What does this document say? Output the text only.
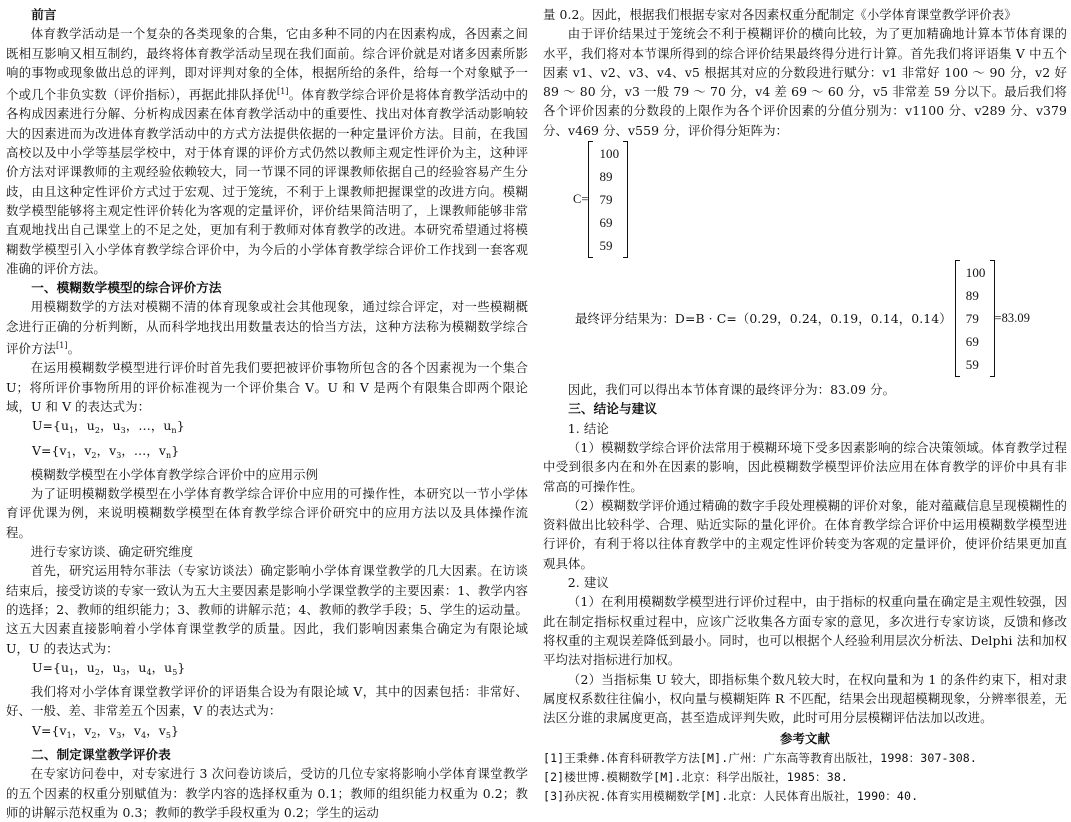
前言

体育教学活动是一个复杂的各类现象的合集，它由多种不同的内在因素构成，各因素之间既相互影响又相互制约，最终将体育教学活动呈现在我们面前。综合评价就是对诸多因素所影响的事物或现象做出总的评判，即对评判对象的全体，根据所给的条件，给每一个对象赋予一个或几个非负实数（评价指标），再据此排队择优[1]。体育教学综合评价是将体育教学活动中的各构成因素进行分解、分析构成因素在体育教学活动中的重要性、找出对体育教学活动影响较大的因素进而为改进体育教学活动中的方式方法提供依据的一种定量评价方法。目前，在我国高校以及中小学等基层学校中，对于体育课的评价方式仍然以教师主观定性评价为主，这种评价方法对评课教师的主观经验依赖较大，同一节课不同的评课教师依据自己的经验容易产生分歧，由且这种定性评价方式过于宏观、过于笼统，不利于上课教师把握课堂的改进方向。模糊数学模型能够将主观定性评价转化为客观的定量评价，评价结果简洁明了，上课教师能够非常直观地找出自己课堂上的不足之处，更加有利于教师对体育教学的改进。本研究希望通过将模糊数学模型引入小学体育教学综合评价中，为今后的小学体育教学综合评价工作找到一套客观准确的评价方法。

一、模糊数学模型的综合评价方法

用模糊数学的方法对模糊不清的体育现象或社会其他现象，通过综合评定，对一些模糊概念进行正确的分析判断，从而科学地找出用数量表达的恰当方法，这种方法称为模糊数学综合评价方法[1]。

在运用模糊数学模型进行评价时首先我们要把被评价事物所包含的各个因素视为一个集合 U；将所评价事物所用的评价标准视为一个评价集合 V。U 和 V 是两个有限集合即两个限论域，U 和 V 的表达式为：

$U=\{u_1$，$u_2$，$u_3$，…，$u_n$}

$V=\{v_1$，$v_2$，$v_3$，…，$v_n$}

模糊数学模型在小学体育教学综合评价中的应用示例

为了证明模糊数学模型在小学体育教学综合评价中应用的可操作性，本研究以一节小学体育评优课为例，来说明模糊数学模型在体育教学综合评价研究中的应用方法以及具体操作流程。

进行专家访谈、确定研究维度

首先，研究运用特尔菲法（专家访谈法）确定影响小学体育课堂教学的几大因素。在访谈结束后，接受访谈的专家一致认为五大主要因素是影响小学课堂教学的主要因素：1、教学内容的选择；2、教师的组织能力；3、教师的讲解示范；4、教师的教学手段；5、学生的运动量。这五大因素直接影响着小学体育课堂教学的质量。因此，我们影响因素集合确定为有限论域 U，U 的表达式为：

$U=\{u_1$，$u_2$，$u_3$，$u_4$，$u_5$}

我们将对小学体育课堂教学评价的评语集合设为有限论域 V，其中的因素包括：非常好、好、一般、差、非常差五个因素，V 的表达式为：

$V=\{v_1$，$v_2$，$v_3$，$v_4$，$v_5$}

二、制定课堂教学评价表

在专家访问卷中，对专家进行 3 次问卷访谈后，受访的几位专家将影响小学体育课堂教学的五个因素的权重分别赋值为：教学内容的选择权重为 0.1；教师的组织能力权重为 0.2；教师的讲解示范权重为 0.3；教师的教学手段权重为 0.2；学生的运动

量 0.2。因此，根据我们根据专家对各因素权重分配制定《小学体育课堂教学评价表》

由于评价结果过于笼统会不利于模糊评价的横向比较，为了更加精确地计算本节体育课的水平，我们将对本节课所得到的综合评价结果最终得分进行计算。首先我们将评语集 V 中五个因素 v1、v2、v3、v4、v5 根据其对应的分数段进行赋分：v1 非常好 100 ～ 90 分，v2 好 89 ～ 80 分，v3 一般 79 ～ 70 分，v4 差 69 ～ 60 分，v5 非常差 59 分以下。最后我们将各个评价因素的分数段的上限作为各个评价因素的分值分别为：v1100 分、v289 分、v379 分、v469 分、v559 分，评价得分矩阵为：

C=
100
89
79
69
59
最终评分结果为：D=B · C=（0.29，0.24，0.19，0.14，0.14）
100
89
79
69
59
=83.09

因此，我们可以得出本节体育课的最终评分为：83.09 分。

三、结论与建议

1. 结论

（1）模糊数学综合评价法常用于模糊环境下受多因素影响的综合决策领域。体育教学过程中受到很多内在和外在因素的影响，因此模糊数学模型评价法应用在体育教学的评价中具有非常高的可操作性。

（2）模糊数学评价通过精确的数字手段处理模糊的评价对象，能对蕴藏信息呈现模糊性的资料做出比较科学、合理、贴近实际的量化评价。在体育教学综合评价中运用模糊数学模型进行评价，有利于将以往体育教学中的主观定性评价转变为客观的定量评价，使评价结果更加直观具体。

2. 建议

（1）在利用模糊数学模型进行评价过程中，由于指标的权重向量在确定是主观性较强，因此在制定指标权重过程中，应该广泛收集各方面专家的意见，多次进行专家访谈，反馈和修改将权重的主观误差降低到最小。同时，也可以根据个人经验利用层次分析法、Delphi 法和加权平均法对指标进行加权。

（2）当指标集 U 较大，即指标集个数凡较大时，在权向量和为 1 的条件约束下，相对隶属度权系数往往偏小，权向量与模糊矩阵 R 不匹配，结果会出现超模糊现象，分辨率很差，无法区分谁的隶属度更高，甚至造成评判失败，此时可用分层模糊评估法加以改进。

参考文献

[1]王秉彝.体育科研教学方法[M].广州：广东高等教育出版社，1998：307-308.

[2]楼世博.模糊数学[M].北京：科学出版社，1985：38.

[3]孙庆祝.体育实用模糊数学[M].北京：人民体育出版社，1990：40.
